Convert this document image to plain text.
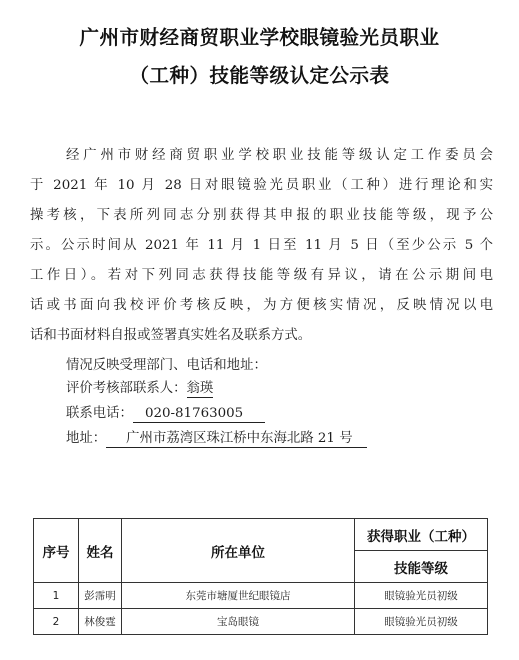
广州市财经商贸职业学校眼镜验光员职业
（工种）技能等级认定公示表
经广州市财经商贸职业学校职业技能等级认定工作委员会
于 2021 年 10 月 28 日对眼镜验光员职业（工种）进行理论和实
操考核，下表所列同志分别获得其申报的职业技能等级，现予公
示。公示时间从 2021 年 11 月 1 日至 11 月 5 日（至少公示 5 个
工作日）。若对下列同志获得技能等级有异议，请在公示期间电
话或书面向我校评价考核反映，为方便核实情况，反映情况以电
话和书面材料自报或签署真实姓名及联系方式。
情况反映受理部门、电话和地址：
评价考核部联系人：翁瑛
联系电话： 020-81763005
地址： 广州市荔湾区珠江桥中东海北路 21 号
序号	姓名	所在单位	获得职业（工种）
			技能等级
1	彭霈明	东莞市塘厦世纪眼镜店	眼镜验光员初级
2	林俊霆	宝岛眼镜	眼镜验光员初级
